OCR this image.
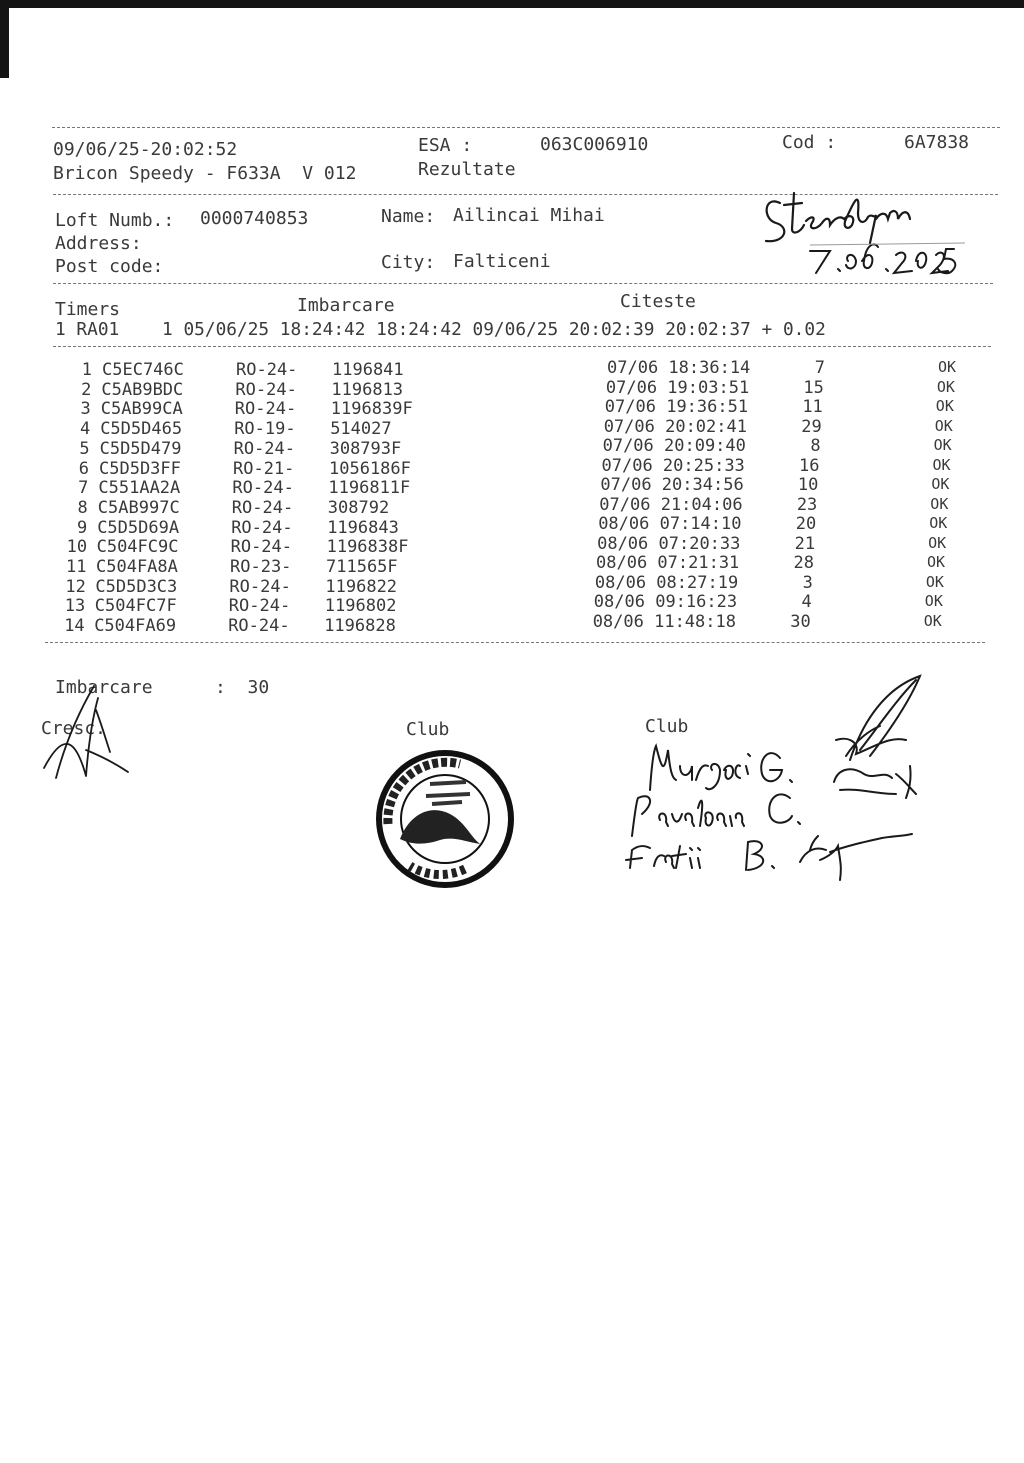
09/06/25-20:02:52	ESA :	063C006910	Cod :	6A7838
Bricon Speedy - F633A  V 012	Rezultate
Loft Numb.: 0000740853	Name: Ailincai Mihai
Address:
Post code:	City: Falticeni
Timers	Imbarcare	Citeste
1 RA01    1 05/06/25 18:24:42 18:24:42 09/06/25 20:02:39 20:02:37 + 0.02
1 C5EC746C	RO-24- 1196841	07/06 18:36:14	7	OK
2 C5AB9BDC	RO-24- 1196813	07/06 19:03:51	15	OK
3 C5AB99CA	RO-24- 1196839F	07/06 19:36:51	11	OK
4 C5D5D465	RO-19- 514027	07/06 20:02:41	29	OK
5 C5D5D479	RO-24- 308793F	07/06 20:09:40	8	OK
6 C5D5D3FF	RO-21- 1056186F	07/06 20:25:33	16	OK
7 C551AA2A	RO-24- 1196811F	07/06 20:34:56	10	OK
8 C5AB997C	RO-24- 308792	07/06 21:04:06	23	OK
9 C5D5D69A	RO-24- 1196843	08/06 07:14:10	20	OK
10 C504FC9C	RO-24- 1196838F	08/06 07:20:33	21	OK
11 C504FA8A	RO-23- 711565F	08/06 07:21:31	28	OK
12 C5D5D3C3	RO-24- 1196822	08/06 08:27:19	3	OK
13 C504FC7F	RO-24- 1196802	08/06 09:16:23	4	OK
14 C504FA69	RO-24- 1196828	08/06 11:48:18	30	OK
Imbarcare	:  30
Cresc.	Club	Club
